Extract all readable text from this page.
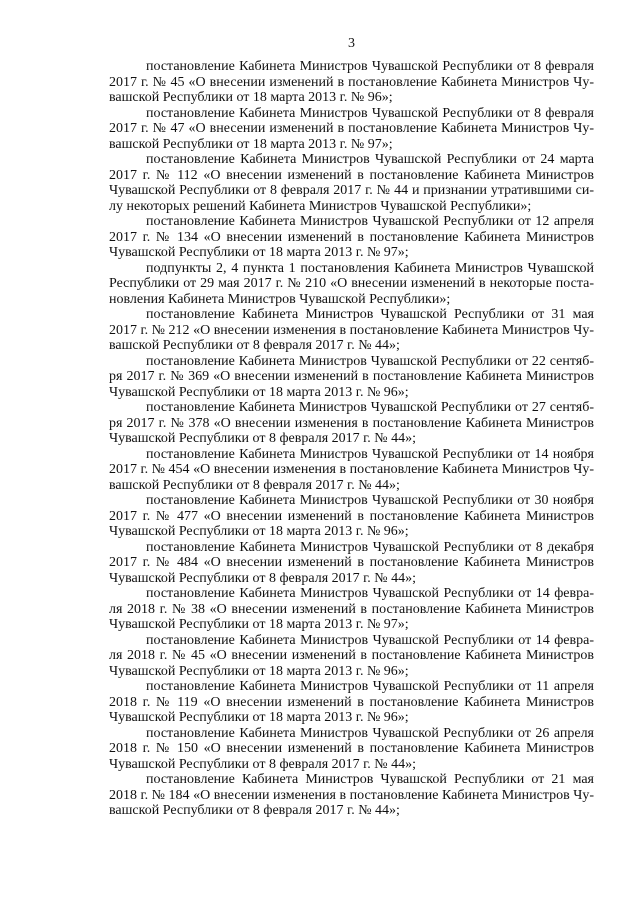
3
постановление Кабинета Министров Чувашской Республики от 8 февраля
2017 г. № 45 «О внесении изменений в постановление Кабинета Министров Чу-
вашской Республики от 18 марта 2013 г. № 96»;
постановление Кабинета Министров Чувашской Республики от 8 февраля
2017 г. № 47 «О внесении изменений в постановление Кабинета Министров Чу-
вашской Республики от 18 марта 2013 г. № 97»;
постановление Кабинета Министров Чувашской Республики от 24 марта
2017 г. № 112 «О внесении изменений в постановление Кабинета Министров
Чувашской Республики от 8 февраля 2017 г. № 44 и признании утратившими си-
лу некоторых решений Кабинета Министров Чувашской Республики»;
постановление Кабинета Министров Чувашской Республики от 12 апреля
2017 г. № 134 «О внесении изменений в постановление Кабинета Министров
Чувашской Республики от 18 марта 2013 г. № 97»;
подпункты 2, 4 пункта 1 постановления Кабинета Министров Чувашской
Республики от 29 мая 2017 г. № 210 «О внесении изменений в некоторые поста-
новления Кабинета Министров Чувашской Республики»;
постановление Кабинета Министров Чувашской Республики от 31 мая
2017 г. № 212 «О внесении изменения в постановление Кабинета Министров Чу-
вашской Республики от 8 февраля 2017 г. № 44»;
постановление Кабинета Министров Чувашской Республики от 22 сентяб-
ря 2017 г. № 369 «О внесении изменений в постановление Кабинета Министров
Чувашской Республики от 18 марта 2013 г. № 96»;
постановление Кабинета Министров Чувашской Республики от 27 сентяб-
ря 2017 г. № 378 «О внесении изменения в постановление Кабинета Министров
Чувашской Республики от 8 февраля 2017 г. № 44»;
постановление Кабинета Министров Чувашской Республики от 14 ноября
2017 г. № 454 «О внесении изменения в постановление Кабинета Министров Чу-
вашской Республики от 8 февраля 2017 г. № 44»;
постановление Кабинета Министров Чувашской Республики от 30 ноября
2017 г. № 477 «О внесении изменений в постановление Кабинета Министров
Чувашской Республики от 18 марта 2013 г. № 96»;
постановление Кабинета Министров Чувашской Республики от 8 декабря
2017 г. № 484 «О внесении изменений в постановление Кабинета Министров
Чувашской Республики от 8 февраля 2017 г. № 44»;
постановление Кабинета Министров Чувашской Республики от 14 февра-
ля 2018 г. № 38 «О внесении изменений в постановление Кабинета Министров
Чувашской Республики от 18 марта 2013 г. № 97»;
постановление Кабинета Министров Чувашской Республики от 14 февра-
ля 2018 г. № 45 «О внесении изменений в постановление Кабинета Министров
Чувашской Республики от 18 марта 2013 г. № 96»;
постановление Кабинета Министров Чувашской Республики от 11 апреля
2018 г. № 119 «О внесении изменений в постановление Кабинета Министров
Чувашской Республики от 18 марта 2013 г. № 96»;
постановление Кабинета Министров Чувашской Республики от 26 апреля
2018 г. № 150 «О внесении изменений в постановление Кабинета Министров
Чувашской Республики от 8 февраля 2017 г. № 44»;
постановление Кабинета Министров Чувашской Республики от 21 мая
2018 г. № 184 «О внесении изменения в постановление Кабинета Министров Чу-
вашской Республики от 8 февраля 2017 г. № 44»;
